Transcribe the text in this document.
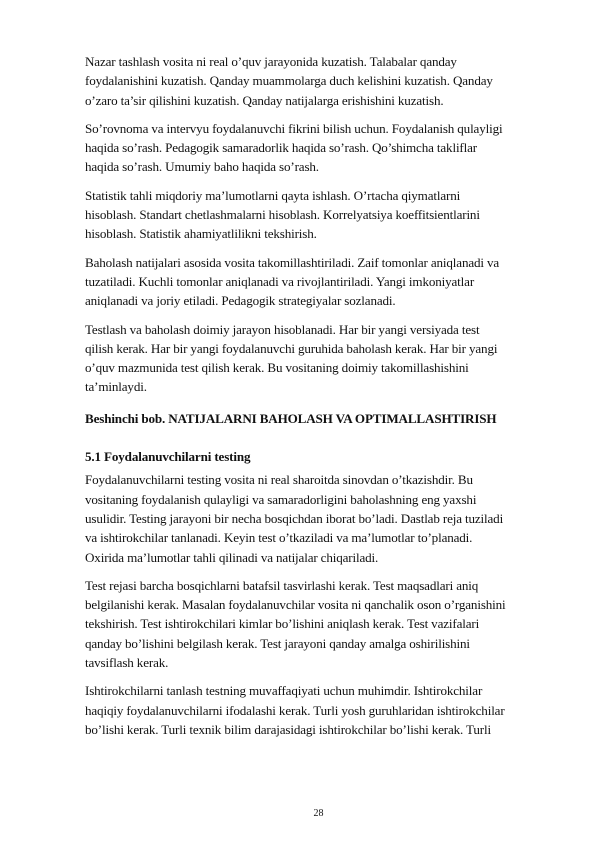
Nazar tashlash vosita ni real o’quv jarayonida kuzatish. Talabalar qanday
foydalanishini kuzatish. Qanday muammolarga duch kelishini kuzatish. Qanday
o’zaro ta’sir qilishini kuzatish. Qanday natijalarga erishishini kuzatish.

So’rovnoma va intervyu foydalanuvchi fikrini bilish uchun. Foydalanish qulayligi
haqida so’rash. Pedagogik samaradorlik haqida so’rash. Qo’shimcha takliflar
haqida so’rash. Umumiy baho haqida so’rash.

Statistik tahli miqdoriy ma’lumotlarni qayta ishlash. O’rtacha qiymatlarni
hisoblash. Standart chetlashmalarni hisoblash. Korrelyatsiya koeffitsientlarini
hisoblash. Statistik ahamiyatlilikni tekshirish.

Baholash natijalari asosida vosita takomillashtiriladi. Zaif tomonlar aniqlanadi va
tuzatiladi. Kuchli tomonlar aniqlanadi va rivojlantiriladi. Yangi imkoniyatlar
aniqlanadi va joriy etiladi. Pedagogik strategiyalar sozlanadi.

Testlash va baholash doimiy jarayon hisoblanadi. Har bir yangi versiyada test
qilish kerak. Har bir yangi foydalanuvchi guruhida baholash kerak. Har bir yangi
o’quv mazmunida test qilish kerak. Bu vositaning doimiy takomillashishini
ta’minlaydi.

Beshinchi bob. NATIJALARNI BAHOLASH VA OPTIMALLASHTIRISH
5.1 Foydalanuvchilarni testing

Foydalanuvchilarni testing vosita ni real sharoitda sinovdan o’tkazishdir. Bu
vositaning foydalanish qulayligi va samaradorligini baholashning eng yaxshi
usulidir. Testing jarayoni bir necha bosqichdan iborat bo’ladi. Dastlab reja tuziladi
va ishtirokchilar tanlanadi. Keyin test o’tkaziladi va ma’lumotlar to’planadi.
Oxirida ma’lumotlar tahli qilinadi va natijalar chiqariladi.

Test rejasi barcha bosqichlarni batafsil tasvirlashi kerak. Test maqsadlari aniq
belgilanishi kerak. Masalan foydalanuvchilar vosita ni qanchalik oson o’rganishini
tekshirish. Test ishtirokchilari kimlar bo’lishini aniqlash kerak. Test vazifalari
qanday bo’lishini belgilash kerak. Test jarayoni qanday amalga oshirilishini
tavsiflash kerak.

Ishtirokchilarni tanlash testning muvaffaqiyati uchun muhimdir. Ishtirokchilar
haqiqiy foydalanuvchilarni ifodalashi kerak. Turli yosh guruhlaridan ishtirokchilar
bo’lishi kerak. Turli texnik bilim darajasidagi ishtirokchilar bo’lishi kerak. Turli

28
